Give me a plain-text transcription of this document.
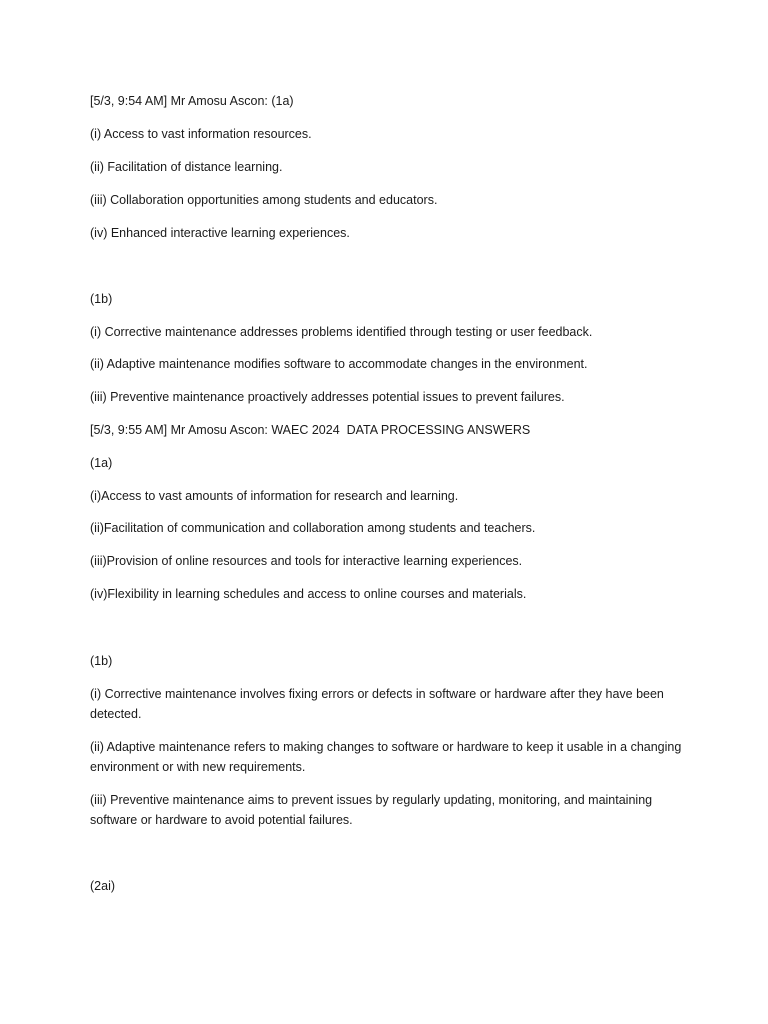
[5/3, 9:54 AM] Mr Amosu Ascon: (1a)

(i) Access to vast information resources.

(ii) Facilitation of distance learning.

(iii) Collaboration opportunities among students and educators.

(iv) Enhanced interactive learning experiences.

(1b)

(i) Corrective maintenance addresses problems identified through testing or user feedback.

(ii) Adaptive maintenance modifies software to accommodate changes in the environment.

(iii) Preventive maintenance proactively addresses potential issues to prevent failures.

[5/3, 9:55 AM] Mr Amosu Ascon: WAEC 2024  DATA PROCESSING ANSWERS

(1a)

(i)Access to vast amounts of information for research and learning.

(ii)Facilitation of communication and collaboration among students and teachers.

(iii)Provision of online resources and tools for interactive learning experiences.

(iv)Flexibility in learning schedules and access to online courses and materials.

(1b)

(i) Corrective maintenance involves fixing errors or defects in software or hardware after they have been detected.

(ii) Adaptive maintenance refers to making changes to software or hardware to keep it usable in a changing environment or with new requirements.

(iii) Preventive maintenance aims to prevent issues by regularly updating, monitoring, and maintaining software or hardware to avoid potential failures.

(2ai)
